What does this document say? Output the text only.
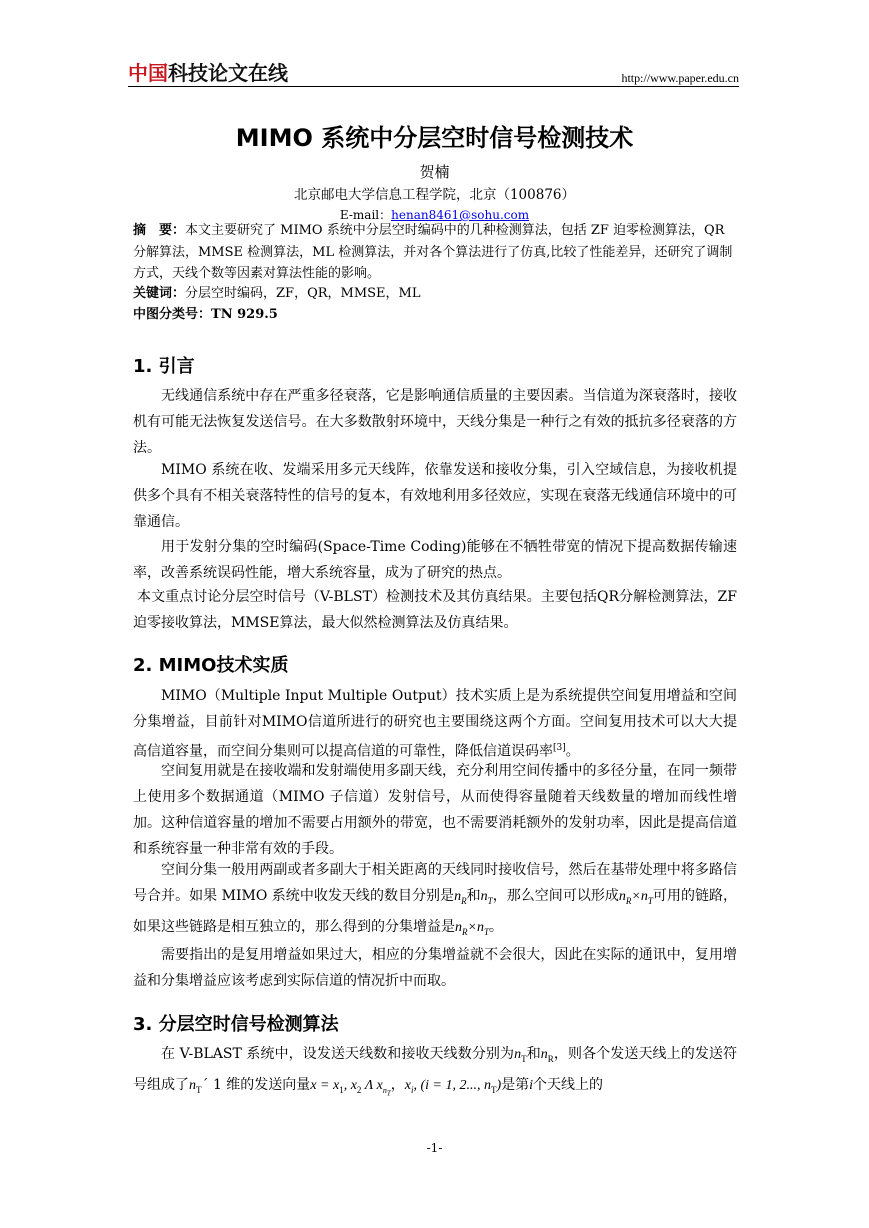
中国科技论文在线	http://www.paper.edu.cn
MIMO 系统中分层空时信号检测技术
贺楠
北京邮电大学信息工程学院，北京（100876）
E-mail：henan8461@sohu.com
摘　要：本文主要研究了 MIMO 系统中分层空时编码中的几种检测算法，包括 ZF 迫零检测算法，QR 分解算法，MMSE 检测算法，ML 检测算法，并对各个算法进行了仿真,比较了性能差异，还研究了调制方式，天线个数等因素对算法性能的影响。
关键词：分层空时编码，ZF，QR，MMSE，ML
中图分类号：TN 929.5
1. 引言

无线通信系统中存在严重多径衰落，它是影响通信质量的主要因素。当信道为深衰落时，接收机有可能无法恢复发送信号。在大多数散射环境中，天线分集是一种行之有效的抵抗多径衰落的方法。

MIMO 系统在收、发端采用多元天线阵，依靠发送和接收分集，引入空域信息，为接收机提供多个具有不相关衰落特性的信号的复本，有效地利用多径效应，实现在衰落无线通信环境中的可靠通信。

用于发射分集的空时编码(Space-Time Coding)能够在不牺牲带宽的情况下提高数据传输速率，改善系统误码性能，增大系统容量，成为了研究的热点。

本文重点讨论分层空时信号（V-BLST）检测技术及其仿真结果。主要包括QR分解检测算法，ZF迫零接收算法，MMSE算法，最大似然检测算法及仿真结果。

2. MIMO技术实质

MIMO（Multiple Input Multiple Output）技术实质上是为系统提供空间复用增益和空间分集增益，目前针对MIMO信道所进行的研究也主要围绕这两个方面。空间复用技术可以大大提高信道容量，而空间分集则可以提高信道的可靠性，降低信道误码率[3]。

空间复用就是在接收端和发射端使用多副天线，充分利用空间传播中的多径分量，在同一频带上使用多个数据通道（MIMO 子信道）发射信号，从而使得容量随着天线数量的增加而线性增加。这种信道容量的增加不需要占用额外的带宽，也不需要消耗额外的发射功率，因此是提高信道和系统容量一种非常有效的手段。

空间分集一般用两副或者多副大于相关距离的天线同时接收信号，然后在基带处理中将多路信号合并。如果 MIMO 系统中收发天线的数目分别是$n_R$和$n_T$，那么空间可以形成$n_R\times n_T$可用的链路，如果这些链路是相互独立的，那么得到的分集增益是$n_R\times n_T$。

需要指出的是复用增益如果过大，相应的分集增益就不会很大，因此在实际的通讯中，复用增益和分集增益应该考虑到实际信道的情况折中而取。

3. 分层空时信号检测算法

在 V-BLAST 系统中，设发送天线数和接收天线数分别为$n_T$和$n_R$，则各个发送天线上的发送符号组成了$n_T´$ 1 维的发送向量$x = x_1$, $x_2$ Λ $x_{n_T}$，$x_i$, (i = 1, 2..., $n_T$)是第i个天线上的

-1-
